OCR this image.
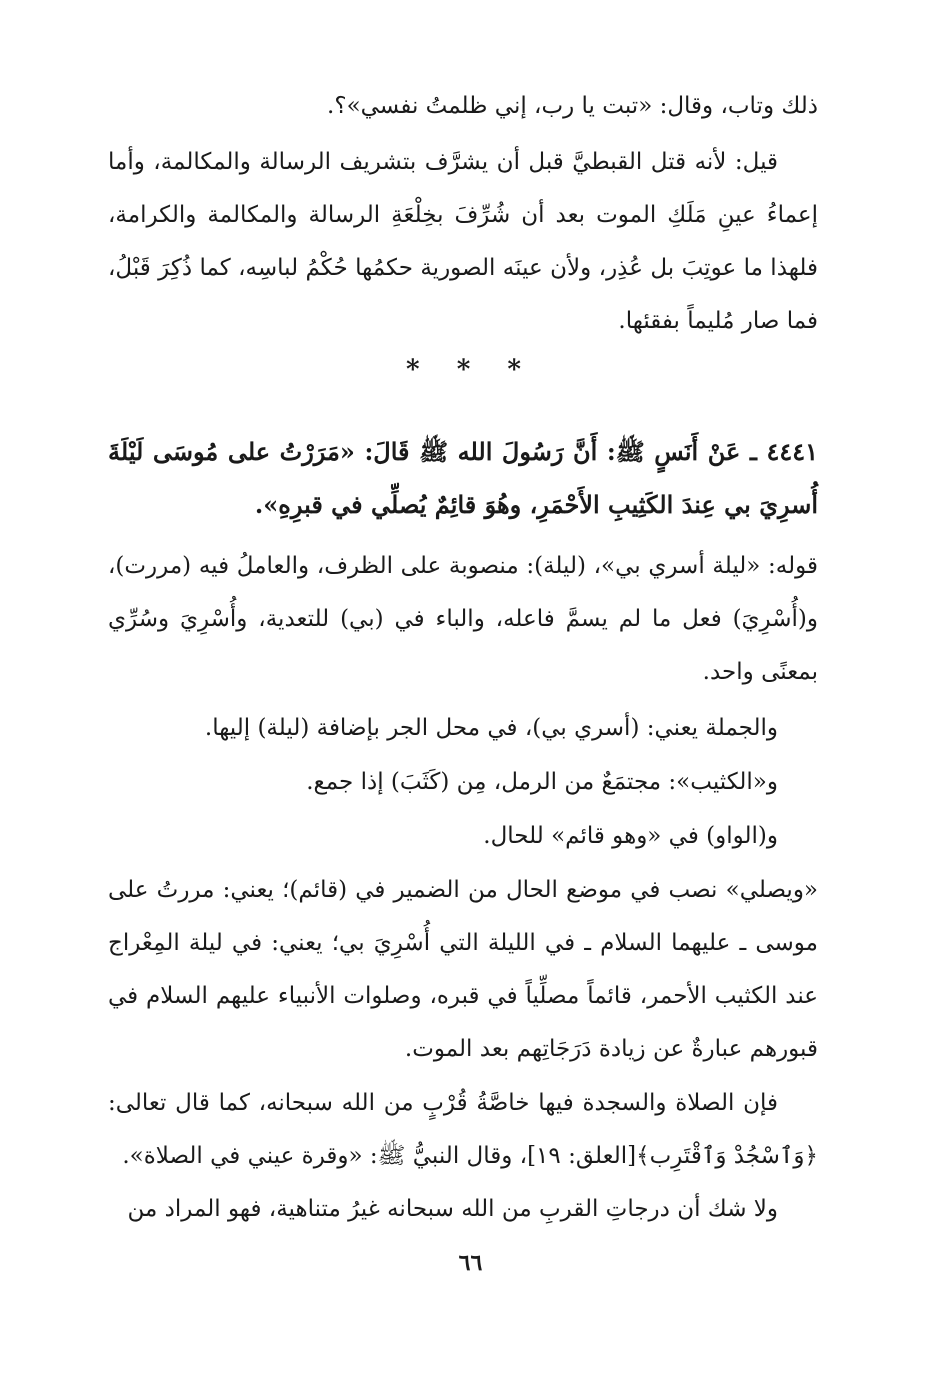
ذلك وتاب، وقال: «تبت يا رب، إني ظلمتُ نفسي»؟.
قيل: لأنه قتل القبطيَّ قبل أن يشرَّف بتشريف الرسالة والمكالمة، وأما إعماءُ عينِ مَلَكِ الموت بعد أن شُرِّفَ بخِلْعَةِ الرسالة والمكالمة والكرامة، فلهذا ما عوتِبَ بل عُذِر، ولأن عينَه الصورية حكمُها حُكْمُ لباسِه، كما ذُكِرَ قَبْلُ، فما صار مُليماً بفقئها.
* * *
٤٤٤١ ـ عَنْ أَنَسٍ ﷺ: أَنَّ رَسُولَ الله ﷺ قَالَ: «مَرَرْتُ على مُوسَى لَيْلَةَ أُسرِيَ بي عِندَ الكَثِيبِ الأَحْمَرِ، وهُوَ قائِمٌ يُصلِّي في قبرِهِ».
قوله: «ليلة أسري بي»، (ليلة): منصوبة على الظرف، والعاملُ فيه (مررت)، و(أُسْرِيَ) فعل ما لم يسمَّ فاعله، والباء في (بي) للتعدية، وأُسْرِيَ وسُرِّي بمعنًى واحد.
والجملة يعني: (أسري بي)، في محل الجر بإضافة (ليلة) إليها.
و«الكثيب»: مجتمَعٌ من الرمل، مِن (كَثَبَ) إذا جمع.
و(الواو) في «وهو قائم» للحال.
«ويصلي» نصب في موضع الحال من الضمير في (قائم)؛ يعني: مررتُ على موسى ـ عليهما السلام ـ في الليلة التي أُسْرِيَ بي؛ يعني: في ليلة المِعْراج عند الكثيب الأحمر، قائماً مصلِّياً في قبره، وصلوات الأنبياء عليهم السلام في قبورهم عبارةٌ عن زيادة دَرَجَاتِهم بعد الموت.
فإن الصلاة والسجدة فيها خاصَّةُ قُرْبٍ من الله سبحانه، كما قال تعالى: ﴿وَٱسْجُدْ وَٱقْتَرِب﴾[العلق: ١٩]، وقال النبيُّ ﷺ: «وقرة عيني في الصلاة».
ولا شك أن درجاتِ القربِ من الله سبحانه غيرُ متناهية، فهو المراد من
٦٦
